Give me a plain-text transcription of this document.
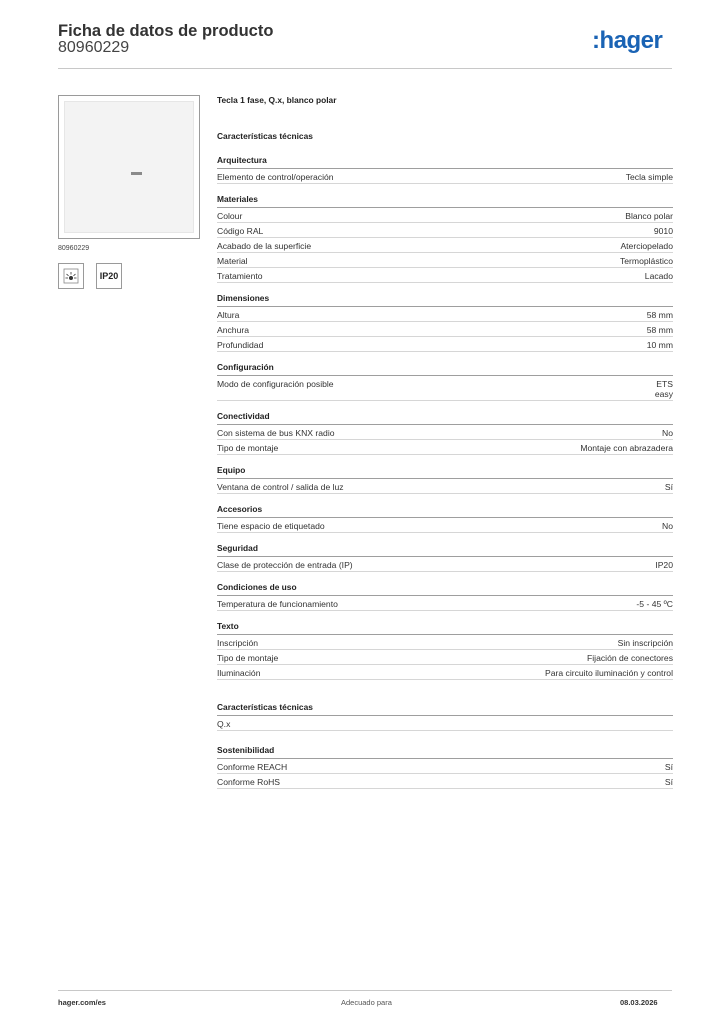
Ficha de datos de producto
80960229	:hager
80960229
IP20
Tecla 1 fase, Q.x, blanco polar
Características técnicas
Arquitectura
Elemento de control/operación	Tecla simple
Materiales
Colour	Blanco polar
Código RAL	9010
Acabado de la superficie	Aterciopelado
Material	Termoplástico
Tratamiento	Lacado
Dimensiones
Altura	58 mm
Anchura	58 mm
Profundidad	10 mm
Configuración
Modo de configuración posible	ETS
easy
Conectividad
Con sistema de bus KNX radio	No
Tipo de montaje	Montaje con abrazadera
Equipo
Ventana de control / salida de luz	Sí
Accesorios
Tiene espacio de etiquetado	No
Seguridad
Clase de protección de entrada (IP)	IP20
Condiciones de uso
Temperatura de funcionamiento	-5 - 45 ºC
Texto
Inscripción	Sin inscripción
Tipo de montaje	Fijación de conectores
Iluminación	Para circuito iluminación y control
Características técnicas
Q.x
Sostenibilidad
Conforme REACH	Sí
Conforme RoHS	Sí
hager.com/es	Adecuado para	08.03.2026
